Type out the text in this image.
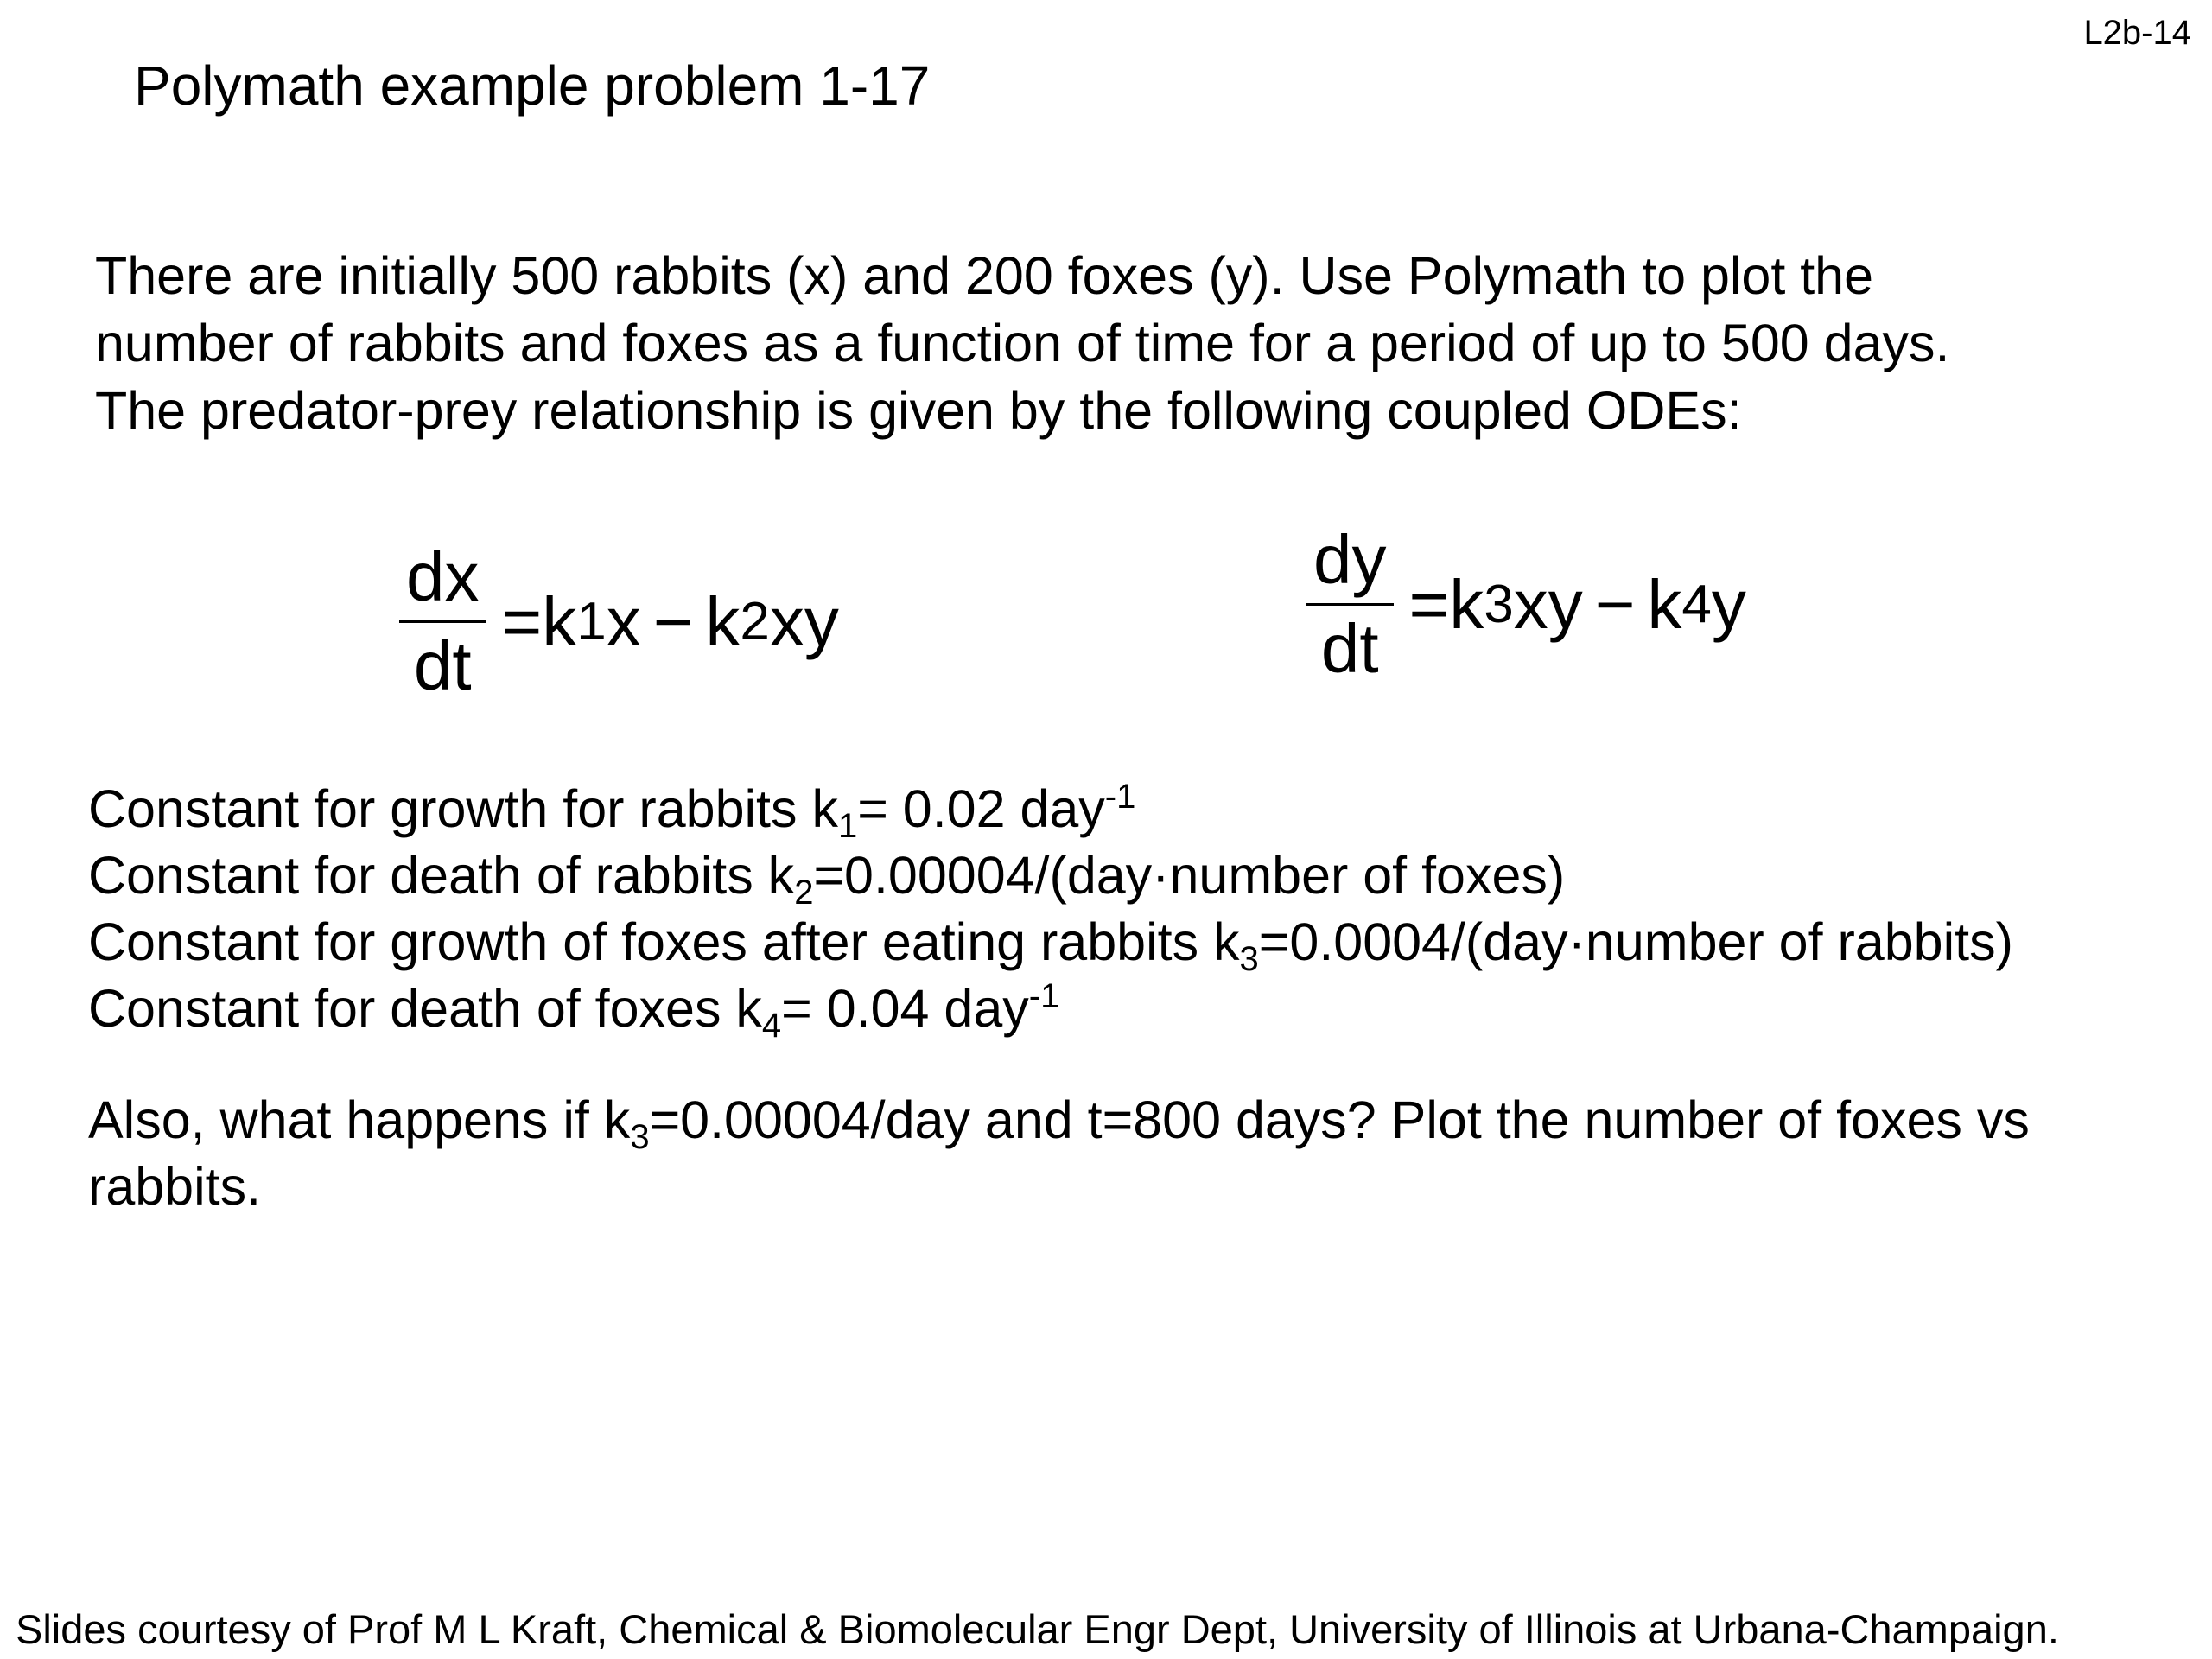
L2b-14
Polymath example problem 1-17
There are initially 500 rabbits (x) and 200 foxes (y). Use Polymath to plot the
number of rabbits and foxes as a function of time for a period of up to 500 days.
The predator-prey relationship is given by the following coupled ODEs:
$\frac{dx}{dt} = k$ 1 x − k 2 xy	$\frac{dy}{dt} = k$ 3 xy − k 4 y
Constant for growth for rabbits $k_1= 0.02$ day$^{-1}$
Constant for death of rabbits $k_2=0.00004/(day\cdot number$ of foxes)
Constant for growth of foxes after eating rabbits $k_3=0.0004/(day\cdot number$ of rabbits)
Constant for death of foxes $k_4= 0.04$ day$^{-1}$
Also, what happens if $k_3=0.00004$/day and t=800 days? Plot the number of foxes vs
rabbits.
Slides courtesy of Prof M L Kraft, Chemical & Biomolecular Engr Dept, University of Illinois at Urbana-Champaign.
